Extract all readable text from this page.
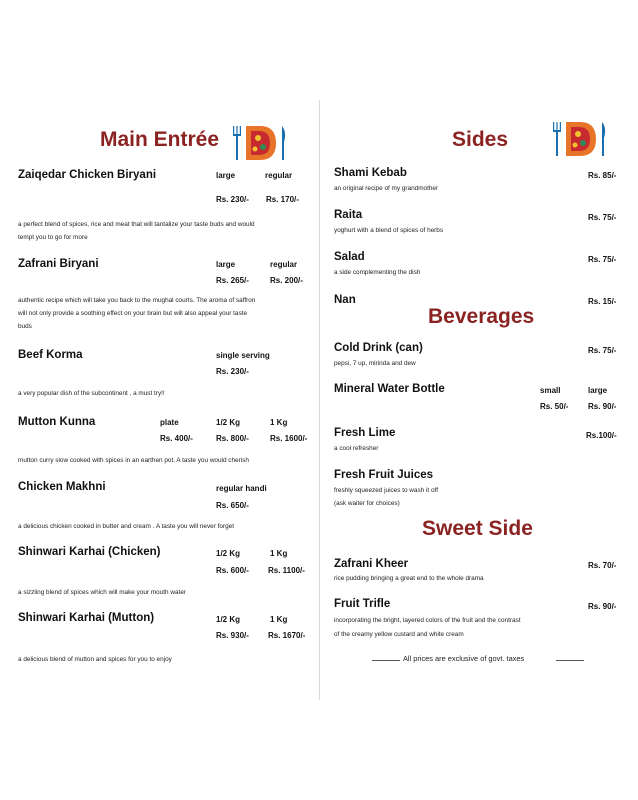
Main Entrée
Zaiqedar Chicken Biryani	large	regular
Rs. 230/- Rs. 170/-
a perfect blend of spices, rice and meat that will tantalize your taste buds and would
tempt you to go for more
Zafrani Biryani	large	regular
Rs. 265/-	Rs. 200/-
authentic recipe which will take you back to the mughal courts. The aroma of saffron
will not only provide a soothing effect on your brain but will also appeal your taste
buds
Beef Korma	single serving
Rs. 230/-
a very popular dish of the subcontinent , a must try!!
Mutton Kunna	plate	1/2 Kg	1 Kg
Rs. 400/-	Rs. 800/-	Rs. 1600/-
mutton curry slow cooked with spices in an earthen pot. A taste you would cherish
Chicken Makhni	regular handi
Rs. 650/-
a delicious chicken cooked in butter and cream . A taste you will never forget
Shinwari Karhai (Chicken)	1/2 Kg	1 Kg
Rs. 600/- Rs. 1100/-
a sizzling blend of spices which will make your mouth water
Shinwari Karhai (Mutton)	1/2 Kg	1 Kg
Rs. 930/- Rs. 1670/-
a delicious blend of mutton and spices for you to enjoy
Sides
Shami Kebab	Rs. 85/-
an original recipe of my grandmother
Raita	Rs. 75/-
yoghurt with a blend of spices of herbs
Salad	Rs. 75/-
a side complementing the dish
Nan	Rs. 15/-
Beverages
Cold Drink (can)	Rs. 75/-
pepsi, 7 up, mirinda and dew
Mineral Water Bottle	small	large
Rs. 50/- Rs. 90/-
Fresh Lime	Rs.100/-
a cool refresher
Fresh Fruit Juices
freshly squeezed juices to wash it off
(ask waiter for choices)
Sweet Side
Zafrani Kheer	Rs. 70/-
rice pudding bringing a great end to the whole drama
Fruit Trifle	Rs. 90/-
incorporating the bright, layered colors of the fruit and the contrast
of the creamy yellow custard and white cream
All prices are exclusive of govt. taxes
